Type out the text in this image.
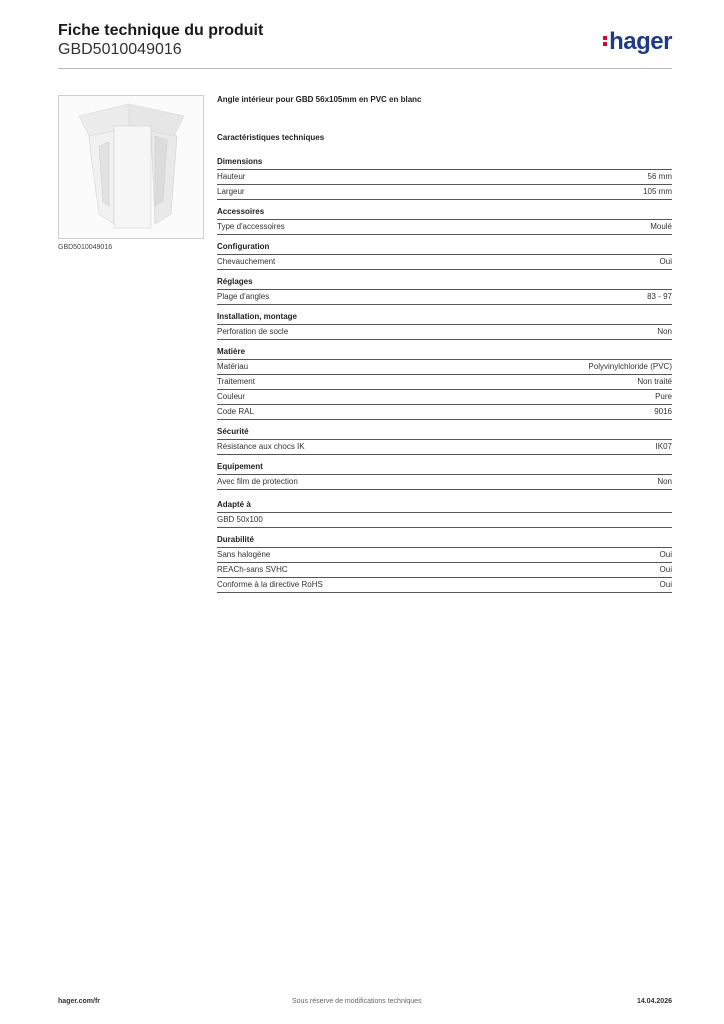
Fiche technique du produit
GBD5010049016	hager
GBD5010049016
Angle intérieur pour GBD 56x105mm en PVC en blanc
Caractéristiques techniques
Dimensions
Hauteur	56 mm
Largeur	105 mm
Accessoires
Type d'accessoires	Moulé
Configuration
Chevauchement	Oui
Réglages
Plage d'angles	83 - 97
Installation, montage
Perforation de socle	Non
Matière
Matériau	Polyvinylchloride (PVC)
Traitement	Non traité
Couleur	Pure
Code RAL	9016
Sécurité
Résistance aux chocs IK	IK07
Equipement
Avec film de protection	Non
Adapté à
GBD 50x100
Durabilité
Sans halogène	Oui
REACh-sans SVHC	Oui
Conforme à la directive RoHS	Oui
hager.com/fr	Sous réserve de modifications techniques	14.04.2026
